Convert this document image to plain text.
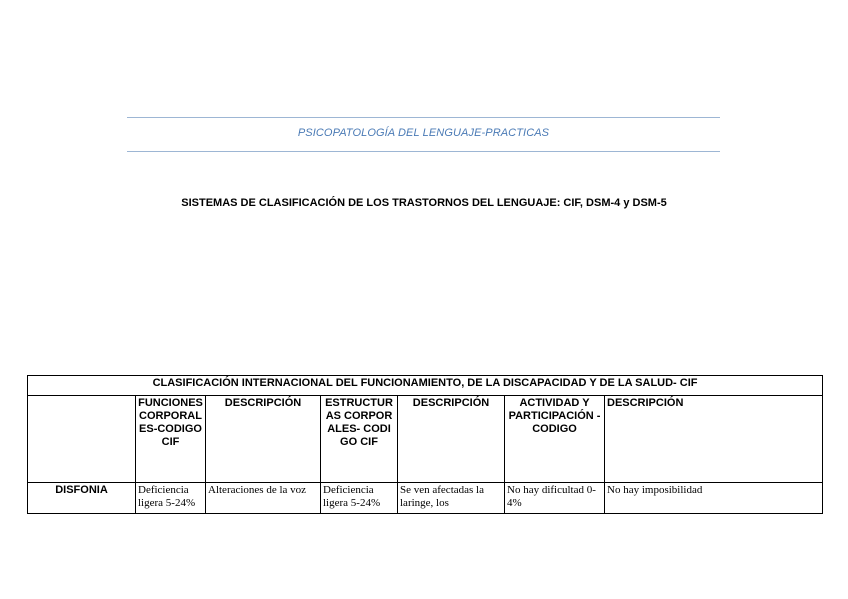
PSICOPATOLOGÍA DEL LENGUAJE-PRACTICAS
SISTEMAS DE CLASIFICACIÓN DE LOS TRASTORNOS DEL LENGUAJE: CIF, DSM-4 y DSM-5
CLASIFICACIÓN INTERNACIONAL DEL FUNCIONAMIENTO, DE LA DISCAPACIDAD Y DE LA SALUD- CIF						
	FUNCIONES CORPORALES-CODIGO CIF	DESCRIPCIÓN	ESTRUCTURAS CORPORALES- CODIGO CIF	DESCRIPCIÓN	ACTIVIDAD Y PARTICIPACIÓN -CODIGO	DESCRIPCIÓN
DISFONIA	Deficiencia ligera 5-24%	Alteraciones de la voz	Deficiencia ligera 5-24%	Se ven afectadas la laringe, los	No hay dificultad 0-4%	No hay imposibilidad
